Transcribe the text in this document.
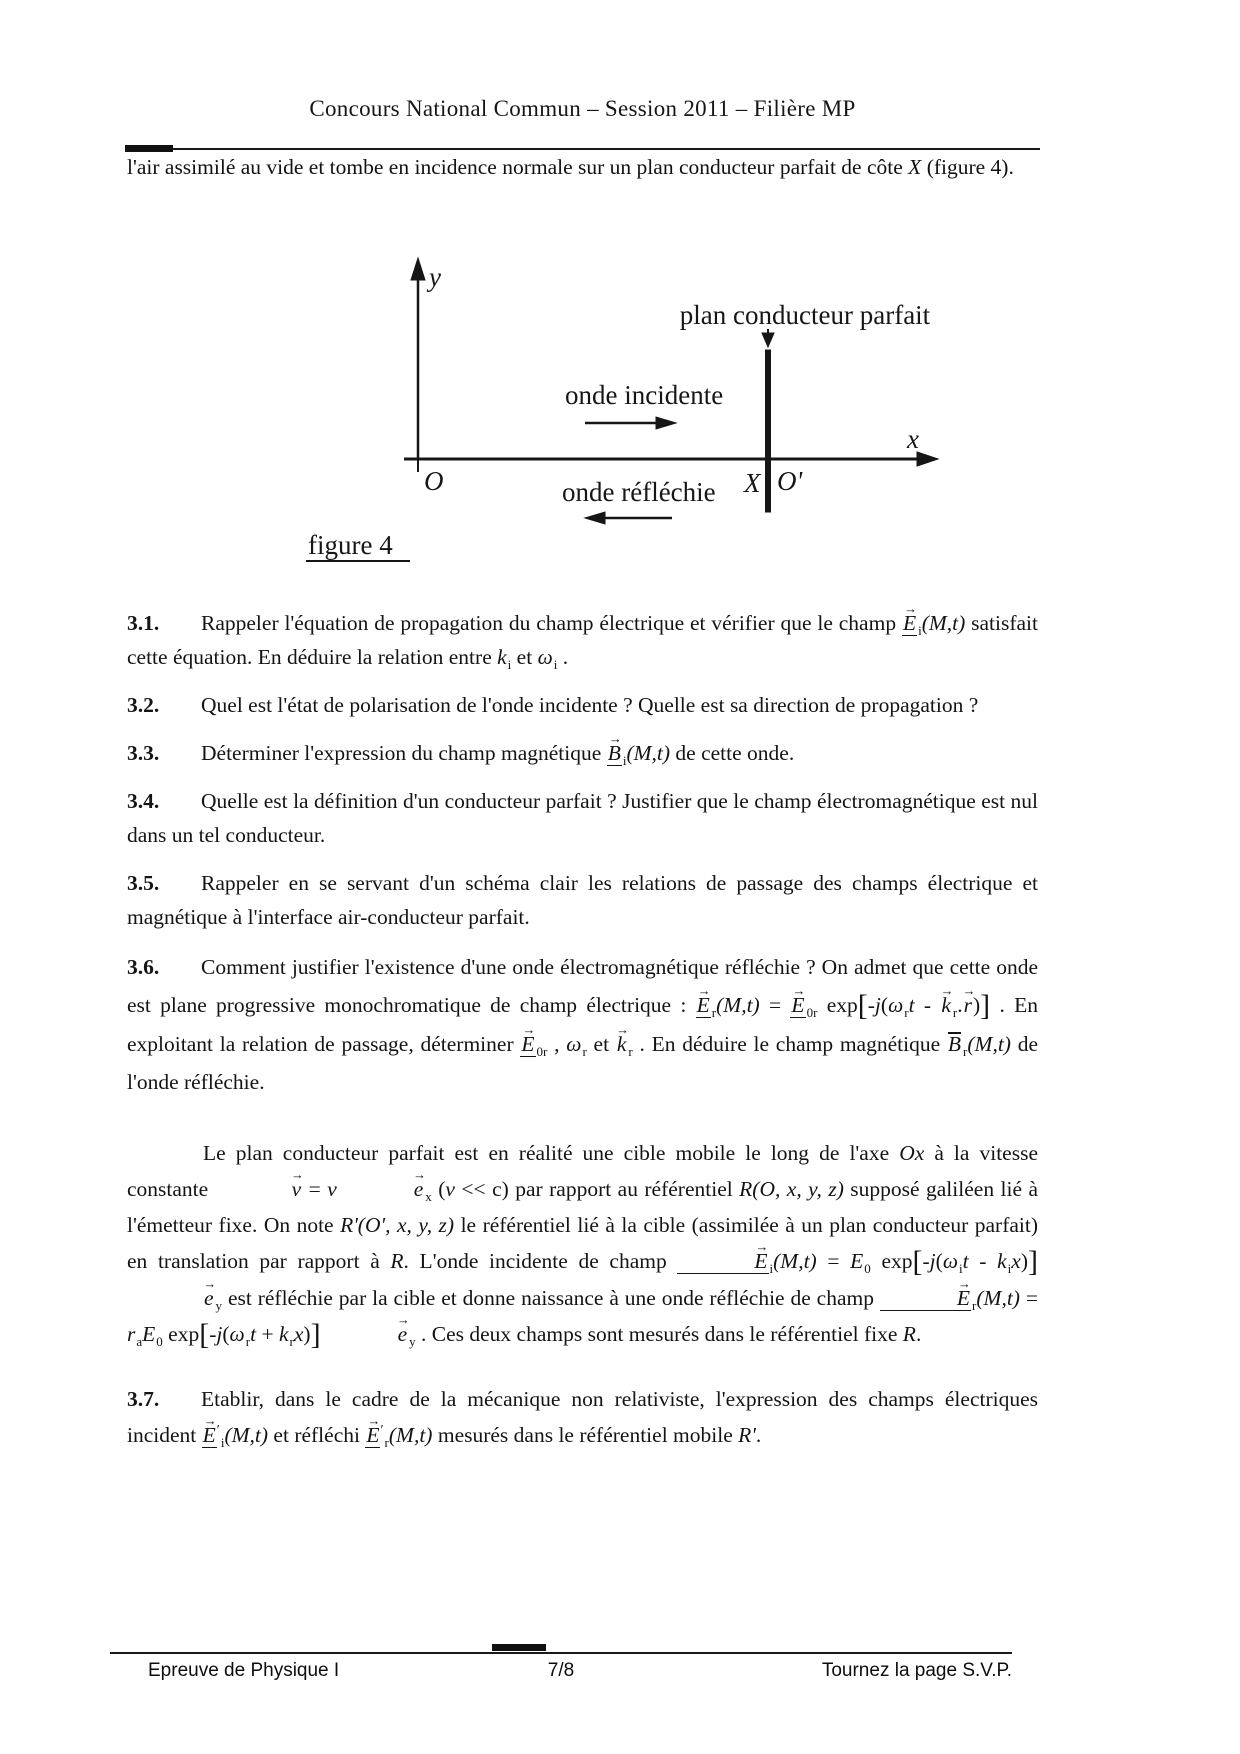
Concours National Commun – Session 2011 – Filière MP

l'air assimilé au vide et tombe en incidence normale sur un plan conducteur parfait de côte X (figure 4).

y
x
O
plan conducteur parfait
onde incidente
onde réfléchie X O'
figure 4
3.1. Rappeler l'équation de propagation du champ électrique et vérifier que le champ E → $_i$(M,t) satisfait cette équation. En déduire la relation entre $k_i$ et $\omega_i$ .
3.2. Quel est l'état de polarisation de l'onde incidente ? Quelle est sa direction de propagation ?
3.3. Déterminer l'expression du champ magnétique B → $_i$(M,t) de cette onde.
3.4. Quelle est la définition d'un conducteur parfait ? Justifier que le champ électromagnétique est nul dans un tel conducteur.
3.5. Rappeler en se servant d'un schéma clair les relations de passage des champs électrique et magnétique à l'interface air-conducteur parfait.
3.6. Comment justifier l'existence d'une onde électromagnétique réfléchie ? On admet que cette onde est plane progressive monochromatique de champ électrique : E → $_r$(M,t) = E → $_{0r}$ $\exp[-j(\omega_rt - k \to _r.r$ →)] . En exploitant la relation de passage, déterminer E → $_{0r}$ , $\omega_r$ et k → $_r$ . En déduire le champ magnétique B $_r$(M,t) de l'onde réfléchie.
Le plan conducteur parfait est en réalité une cible mobile le long de l'axe Ox à la vitesse constante	v → = v	e → $_x$ (v << c) par rapport au référentiel R(O, x, y, z) supposé galiléen lié à l'émetteur fixe. On note R'(O', x, y, z) le référentiel lié à la cible (assimilée à un plan conducteur parfait) en translation par rapport à R. L'onde incidente de champ	$E \to _i(M,t) = E_0$ $\exp[-j(\omega_it - k_ix)]e \to _y$ est réfléchie par la cible et donne naissance à une onde réfléchie de champ	$E \to _r(M,t) = r_aE_0$ $\exp[-j(\omega_rt + k_rx)]$	e → $_y$ . Ces deux champs sont mesurés dans le référentiel fixe R.
3.7. Etablir, dans le cadre de la mécanique non relativiste, l'expression des champs électriques incident $E \to'_i(M,t)$ et réfléchi $E \to'_r(M,t)$ mesurés dans le référentiel mobile R'.
Epreuve de Physique I	7/8	Tournez la page S.V.P.
